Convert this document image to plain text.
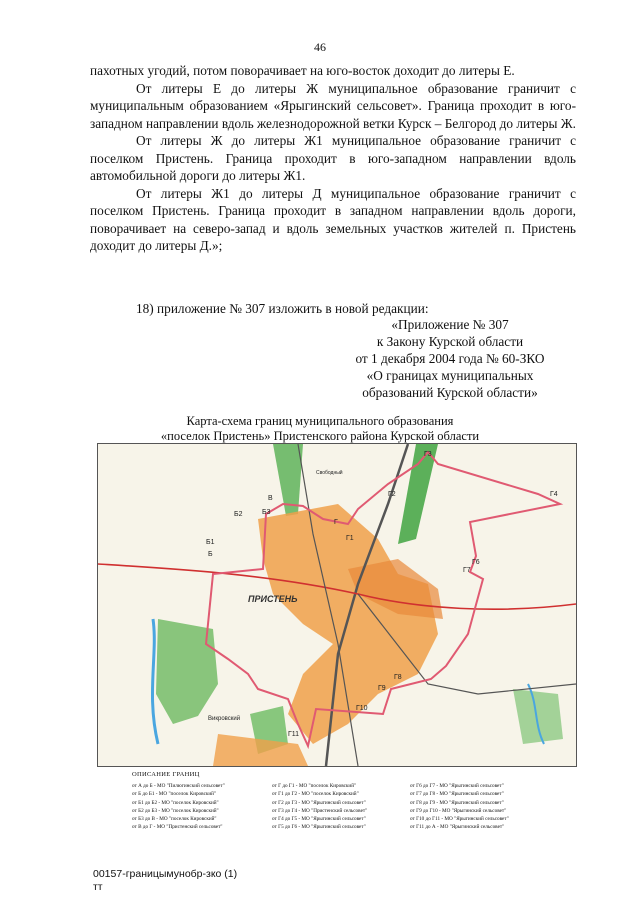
46

пахотных угодий, потом поворачивает на юго-восток доходит до литеры Е.

От литеры Е до литеры Ж муниципальное образование граничит с муниципальным образованием «Ярыгинский сельсовет». Граница проходит в юго-западном направлении вдоль железнодорожной ветки Курск – Белгород до литеры Ж.

От литеры Ж до литеры Ж1 муниципальное образование граничит с поселком Пристень. Граница проходит в юго-западном направлении вдоль автомобильной дороги до литеры Ж1.

От литеры Ж1 до литеры Д муниципальное образование граничит с поселком Пристень. Граница проходит в западном направлении вдоль дороги, поворачивает на северо-запад и вдоль земельных участков жителей п. Пристень доходит до литеры Д.»;

18) приложение № 307 изложить в новой редакции:
«Приложение № 307
к Закону Курской области
от 1 декабря 2004 года № 60-ЗКО
«О границах муниципальных
образований Курской области»
Карта-схема границ муниципального образования
«поселок Пристень» Пристенского района Курской области
ПРИСТЕНЬ
Г3
Г2	Г4
Г1
Г6
Г7
Г8
Г9
Г10
Г11
В
Б
Б1
Б2	Б3
Г
Викровский
Свободный
ОПИСАНИЕ ГРАНИЦ
от А до Б - МО "Пилюгинский сельсовет"
от Б до Б1 - МО "поселок Кировский"
от Б1 до Б2 - МО "поселок Кировский"
от Б2 до Б3 - МО "поселок Кировский"
от Б3 до В - МО "поселок Кировский"
от В до Г - МО "Пристенский сельсовет"
от Г до Г1 - МО "поселок Кировский"
от Г1 до Г2 - МО "поселок Кировский"
от Г2 до Г3 - МО "Ярыгинский сельсовет"
от Г3 до Г4 - МО "Пристенский сельсовет"
от Г4 до Г5 - МО "Ярыгинский сельсовет"
от Г5 до Г6 - МО "Ярыгинский сельсовет"
от Г6 до Г7 - МО "Ярыгинский сельсовет"
от Г7 до Г8 - МО "Ярыгинский сельсовет"
от Г8 до Г9 - МО "Ярыгинский сельсовет"
от Г9 до Г10 - МО "Ярыгинский сельсовет"
от Г10 до Г11 - МО "Ярыгинский сельсовет"
от Г11 до А - МО "Ярыгинский сельсовет"
00157-границымунобр-зко (1)
тт
